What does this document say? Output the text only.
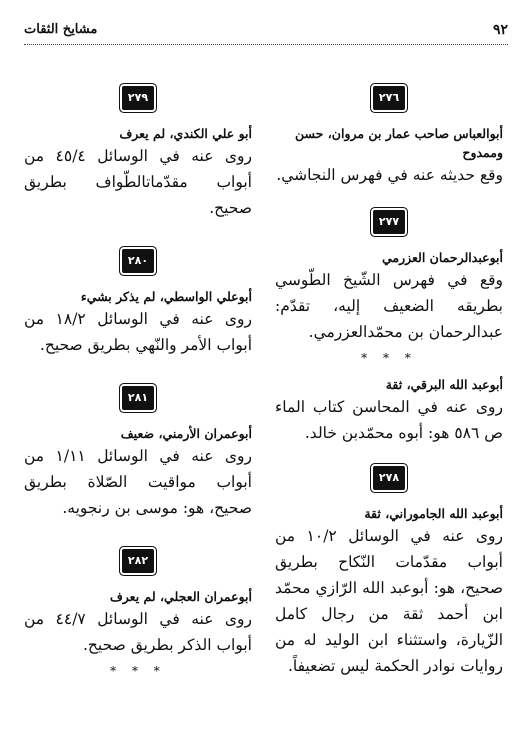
٩٢
مشايخ الثقات
٢٧٦

أبوالعباس صاحب عمار بن مروان، حسن وممدوح

وقع حديثه عنه في فهرس النجاشي.

٢٧٧

أبوعبدالرحمان العزرمي

وقع في فهرس الشّيخ الطّوسي بطريقه الضعيف إليه، تقدّم: عبدالرحمان بن محمّدالعزرمي.

* * *

أبوعبد الله البرقي، ثقة

روى عنه في المحاسن كتاب الماء ص ٥٨٦ هو: أبوه محمّدبن خالد.

٢٧٨

أبوعبد الله الجاموراني، ثقة

روى عنه في الوسائل ١٠/٢ من أبواب مقدّمات النّكاح بطريق صحيح، هو: أبوعبد الله الرّازي محمّد ابن أحمد ثقة من رجال كامل الزّيارة، واستثناء ابن الوليد له من روايات نوادر الحكمة ليس تضعيفاً.

٢٧٩

أبو علي الكندي، لم يعرف

روى عنه في الوسائل ٤٥/٤ من أبواب مقدّماتالطّواف بطريق صحيح.

٢٨٠

أبوعلي الواسطي، لم يذكر بشيء

روى عنه في الوسائل ١٨/٢ من أبواب الأمر والنّهي بطريق صحيح.

٢٨١

أبوعمران الأرمني، ضعيف

روى عنه في الوسائل ١/١١ من أبواب مواقيت الصّلاة بطريق صحيح، هو: موسى بن رنجويه.

٢٨٢

أبوعمران العجلي، لم يعرف

روى عنه في الوسائل ٤٤/٧ من أبواب الذكر بطريق صحيح.

* * *
